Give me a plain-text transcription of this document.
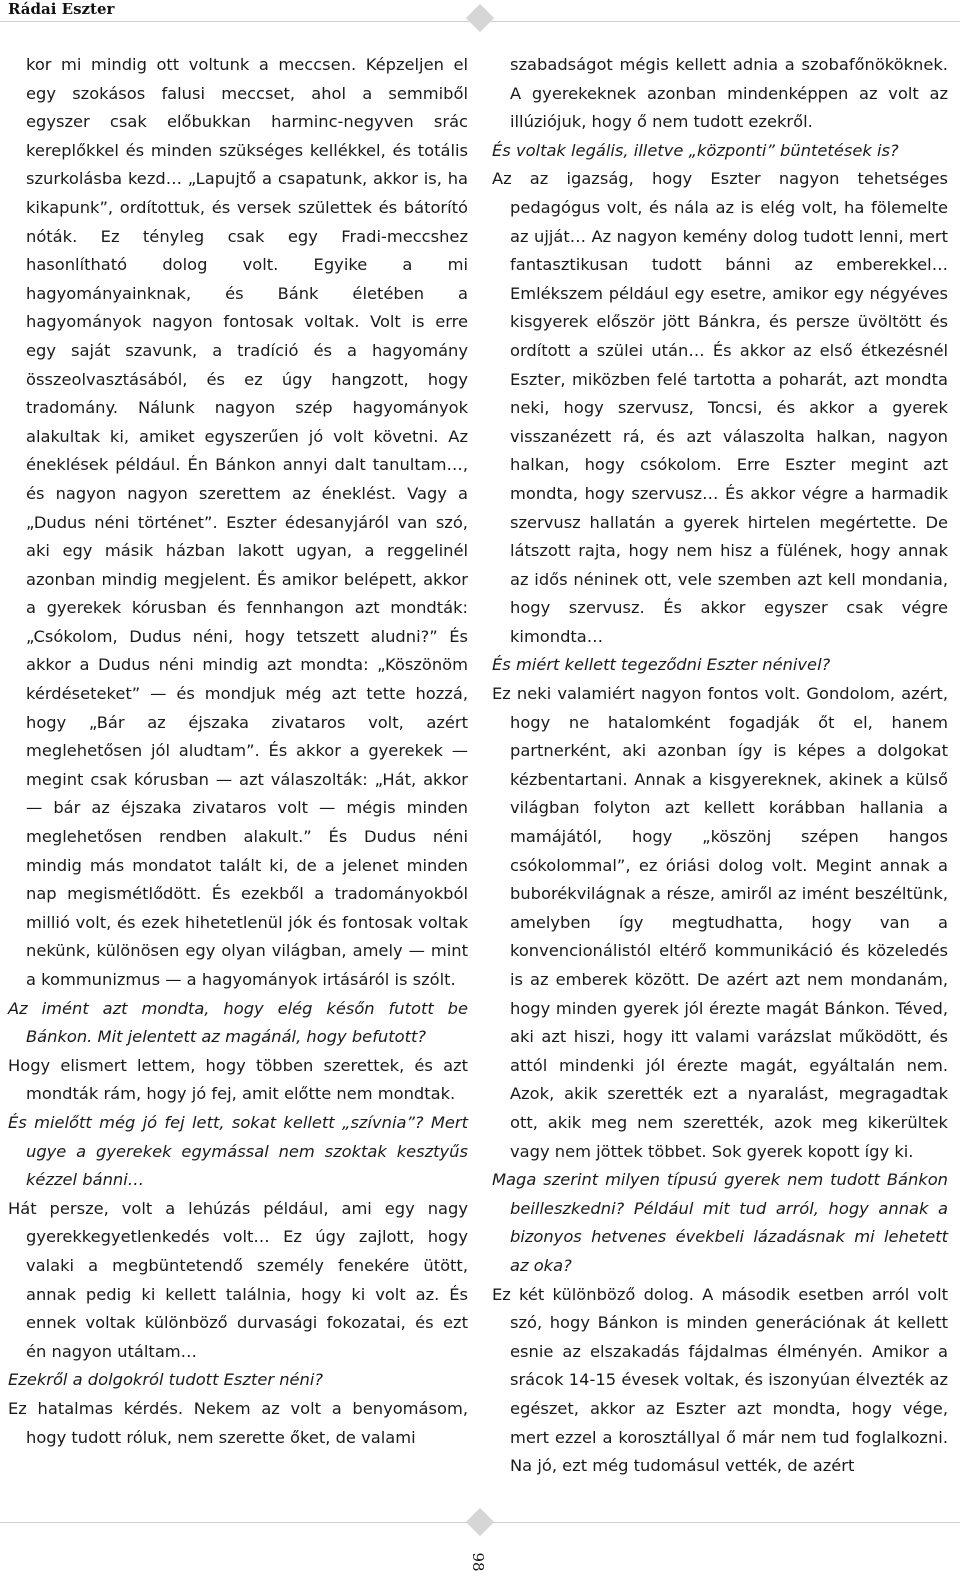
Rádai Eszter

kor mi mindig ott voltunk a meccsen. Képzeljen el egy szokásos falusi meccset, ahol a semmiből egyszer csak előbukkan harminc-negyven srác kereplőkkel és minden szükséges kellékkel, és totális szurkolásba kezd… „Lapujtő a csapatunk, akkor is, ha kikapunk”, ordítottuk, és versek születtek és bátorító nóták. Ez tényleg csak egy Fradi-meccshez hasonlítható dolog volt. Egyike a mi hagyományainknak, és Bánk életében a hagyományok nagyon fontosak voltak. Volt is erre egy saját szavunk, a tradíció és a hagyomány összeolvasztásából, és ez úgy hangzott, hogy tradomány. Nálunk nagyon szép hagyományok alakultak ki, amiket egyszerűen jó volt követni. Az éneklések például. Én Bánkon annyi dalt tanultam…, és nagyon nagyon szerettem az éneklést. Vagy a „Dudus néni történet”. Eszter édesanyjáról van szó, aki egy másik házban lakott ugyan, a reggelinél azonban mindig megjelent. És amikor belépett, akkor a gyerekek kórusban és fennhangon azt mondták: „Csókolom, Dudus néni, hogy tetszett aludni?” És akkor a Dudus néni mindig azt mondta: „Köszönöm kérdéseteket” — és mondjuk még azt tette hozzá, hogy „Bár az éjszaka zivataros volt, azért meglehetősen jól aludtam”. És akkor a gyerekek — megint csak kórusban — azt válaszolták: „Hát, akkor — bár az éjszaka zivataros volt — mégis minden meglehetősen rendben alakult.” És Dudus néni mindig más mondatot talált ki, de a jelenet minden nap megismétlődött. És ezekből a tradományokból millió volt, és ezek hihetetlenül jók és fontosak voltak nekünk, különösen egy olyan világban, amely — mint a kommunizmus — a hagyományok irtásáról is szólt.

Az imént azt mondta, hogy elég későn futott be Bánkon. Mit jelentett az magánál, hogy befutott?

Hogy elismert lettem, hogy többen szerettek, és azt mondták rám, hogy jó fej, amit előtte nem mondtak.

És mielőtt még jó fej lett, sokat kellett „szívnia”? Mert ugye a gyerekek egymással nem szoktak kesztyűs kézzel bánni…

Hát persze, volt a lehúzás például, ami egy nagy gyerekkegyetlenkedés volt… Ez úgy zajlott, hogy valaki a megbüntetendő személy fenekére ütött, annak pedig ki kellett találnia, hogy ki volt az. És ennek voltak különböző durvasági fokozatai, és ezt én nagyon utáltam…

Ezekről a dolgokról tudott Eszter néni?

Ez hatalmas kérdés. Nekem az volt a benyomásom, hogy tudott róluk, nem szerette őket, de valami

szabadságot mégis kellett adnia a szobafőnököknek. A gyerekeknek azonban mindenképpen az volt az illúziójuk, hogy ő nem tudott ezekről.

És voltak legális, illetve „központi” büntetések is?

Az az igazság, hogy Eszter nagyon tehetséges pedagógus volt, és nála az is elég volt, ha fölemelte az ujját… Az nagyon kemény dolog tudott lenni, mert fantasztikusan tudott bánni az emberekkel… Emlékszem például egy esetre, amikor egy négyéves kisgyerek először jött Bánkra, és persze üvöltött és ordított a szülei után… És akkor az első étkezésnél Eszter, miközben felé tartotta a poharát, azt mondta neki, hogy szervusz, Toncsi, és akkor a gyerek visszanézett rá, és azt válaszolta halkan, nagyon halkan, hogy csókolom. Erre Eszter megint azt mondta, hogy szervusz… És akkor végre a harmadik szervusz hallatán a gyerek hirtelen megértette. De látszott rajta, hogy nem hisz a fülének, hogy annak az idős néninek ott, vele szemben azt kell mondania, hogy szervusz. És akkor egyszer csak végre kimondta…

És miért kellett tegeződni Eszter nénivel?

Ez neki valamiért nagyon fontos volt. Gondolom, azért, hogy ne hatalomként fogadják őt el, hanem partnerként, aki azonban így is képes a dolgokat kézbentartani. Annak a kisgyereknek, akinek a külső világban folyton azt kellett korábban hallania a mamájától, hogy „köszönj szépen hangos csókolommal”, ez óriási dolog volt. Megint annak a buborékvilágnak a része, amiről az imént beszéltünk, amelyben így megtudhatta, hogy van a konvencionálistól eltérő kommunikáció és közeledés is az emberek között. De azért azt nem mondanám, hogy minden gyerek jól érezte magát Bánkon. Téved, aki azt hiszi, hogy itt valami varázslat működött, és attól mindenki jól érezte magát, egyáltalán nem. Azok, akik szerették ezt a nyaralást, megragadtak ott, akik meg nem szerették, azok meg kikerültek vagy nem jöttek többet. Sok gyerek kopott így ki.

Maga szerint milyen típusú gyerek nem tudott Bánkon beilleszkedni? Például mit tud arról, hogy annak a bizonyos hetvenes évekbeli lázadásnak mi lehetett az oka?

Ez két különböző dolog. A második esetben arról volt szó, hogy Bánkon is minden generációnak át kellett esnie az elszakadás fájdalmas élményén. Amikor a srácok 14-15 évesek voltak, és iszonyúan élvezték az egészet, akkor az Eszter azt mondta, hogy vége, mert ezzel a korosztállyal ő már nem tud foglalkozni. Na jó, ezt még tudomásul vették, de azért

98
